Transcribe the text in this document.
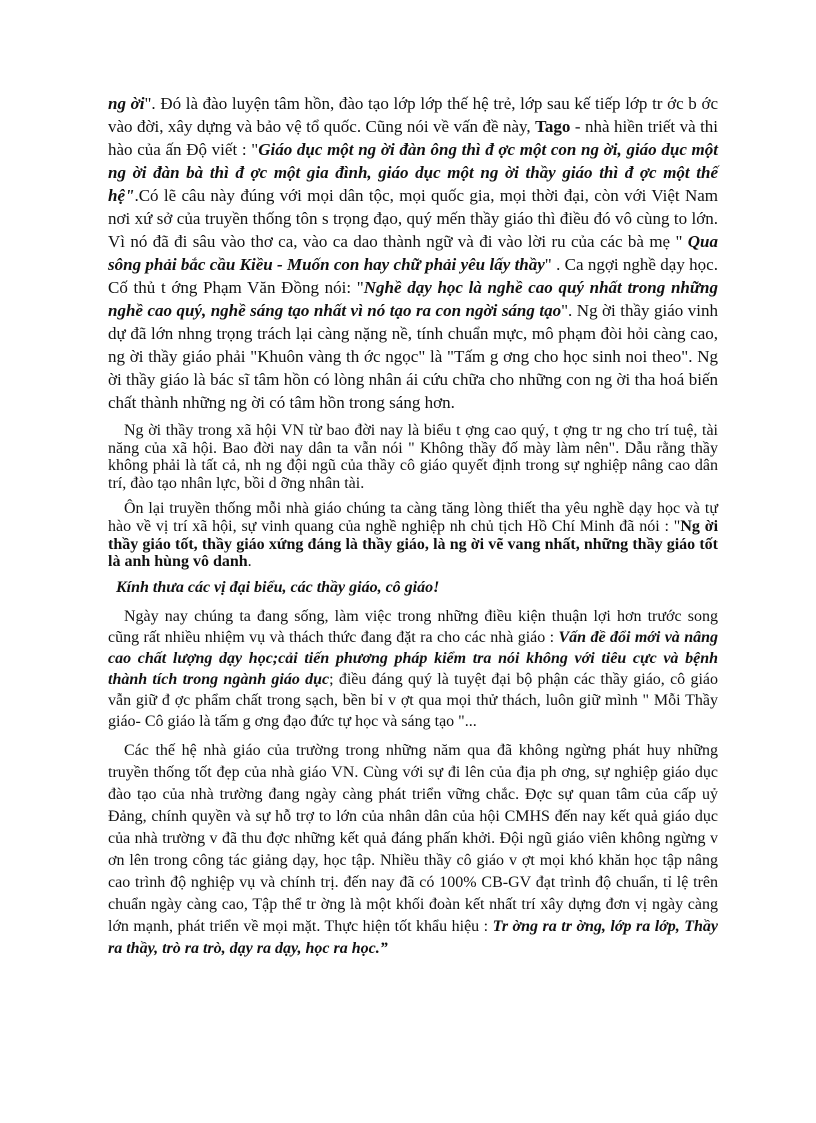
ng ời". Đó là đào luyện tâm hồn, đào tạo lớp lớp thế hệ trẻ, lớp sau kế tiếp lớp tr ớc b ớc vào đời, xây dựng và bảo vệ tổ quốc. Cũng nói về vấn đề này, Tago - nhà hiền triết và thi hào của ấn Độ viết : "Giáo dục một ng ời đàn ông thì đ ợc một con ng ời, giáo dục một ng ời đàn bà thì đ ợc một gia đình, giáo dục một ng ời thầy giáo thì đ ợc một thế hệ".Có lẽ câu này đúng với mọi dân tộc, mọi quốc gia, mọi thời đại, còn với Việt Nam nơi xứ sở của truyền thống tôn s trọng đạo, quý mến thầy giáo thì điều đó vô cùng to lớn. Vì nó đã đi sâu vào thơ ca, vào ca dao thành ngữ và đi vào lời ru của các bà mẹ " Qua sông phải bắc cầu Kiều - Muốn con hay chữ phải yêu lấy thầy" . Ca ngợi nghề dạy học. Cố thủ t ớng Phạm Văn Đồng nói: "Nghề dạy học là nghề cao quý nhất trong những nghề cao quý, nghề sáng tạo nhất vì nó tạo ra con ngời sáng tạo". Ng ời thầy giáo vinh dự đã lớn nhng trọng trách lại càng nặng nề, tính chuẩn mực, mô phạm đòi hỏi càng cao, ng ời thầy giáo phải "Khuôn vàng th ớc ngọc" là "Tấm g ơng cho học sinh noi theo". Ng ời thầy giáo là bác sĩ tâm hồn có lòng nhân ái cứu chữa cho những con ng ời tha hoá biến chất thành những ng ời có tâm hồn trong sáng hơn.

Ng ời thầy trong xã hội VN từ bao đời nay là biểu t ợng cao quý, t ợng tr ng cho trí tuệ, tài năng của xã hội. Bao đời nay dân ta vẫn nói " Không thầy đố mày làm nên". Dẫu rằng thầy không phải là tất cả, nh ng đội ngũ của thầy cô giáo quyết định trong sự nghiệp nâng cao dân trí, đào tạo nhân lực, bồi d ỡng nhân tài.

Ôn lại truyền thống mỗi nhà giáo chúng ta càng tăng lòng thiết tha yêu nghề dạy học và tự hào về vị trí xã hội, sự vinh quang của nghề nghiệp nh chủ tịch Hồ Chí Minh đã nói : "Ng ời thầy giáo tốt, thầy giáo xứng đáng là thầy giáo, là ng ời vẽ vang nhất, những thầy giáo tốt là anh hùng vô danh.

Kính thưa các vị đại biểu, các thầy giáo, cô giáo!

Ngày nay chúng ta đang sống, làm việc trong những điều kiện thuận lợi hơn trước song cũng rất nhiều nhiệm vụ và thách thức đang đặt ra cho các nhà giáo : Vấn đề đổi mới và nâng cao chất lượng dạy học;cải tiến phương pháp kiểm tra nói không với tiêu cực và bệnh thành tích trong ngành giáo dục; điều đáng quý là tuyệt đại bộ phận các thầy giáo, cô giáo vẫn giữ đ ợc phẩm chất trong sạch, bền bỉ v ợt qua mọi thử thách, luôn giữ mình " Mỗi Thầy giáo- Cô giáo là tấm g ơng đạo đức tự học và sáng tạo "...

Các thế hệ nhà giáo của trường trong những năm qua đã không ngừng phát huy những truyền thống tốt đẹp của nhà giáo VN. Cùng với sự đi lên của địa ph ơng, sự nghiệp giáo dục đào tạo của nhà trường đang ngày càng phát triển vững chắc. Đợc sự quan tâm của cấp uỷ Đảng, chính quyền và sự hỗ trợ to lớn của nhân dân của hội CMHS đến nay kết quả giáo dục của nhà trường v đã thu đợc những kết quả đáng phấn khởi. Đội ngũ giáo viên không ngừng v ơn lên trong công tác giảng dạy, học tập. Nhiều thầy cô giáo v ợt mọi khó khăn học tập nâng cao trình độ nghiệp vụ và chính trị. đến nay đã có 100% CB-GV đạt trình độ chuẩn, tỉ lệ trên chuẩn ngày càng cao, Tập thể tr ờng là một khối đoàn kết nhất trí xây dựng đơn vị ngày càng lớn mạnh, phát triển về mọi mặt. Thực hiện tốt khẩu hiệu : Tr ờng ra tr ờng, lớp ra lớp, Thầy ra thầy, trò ra trò, dạy ra dạy, học ra học.”
